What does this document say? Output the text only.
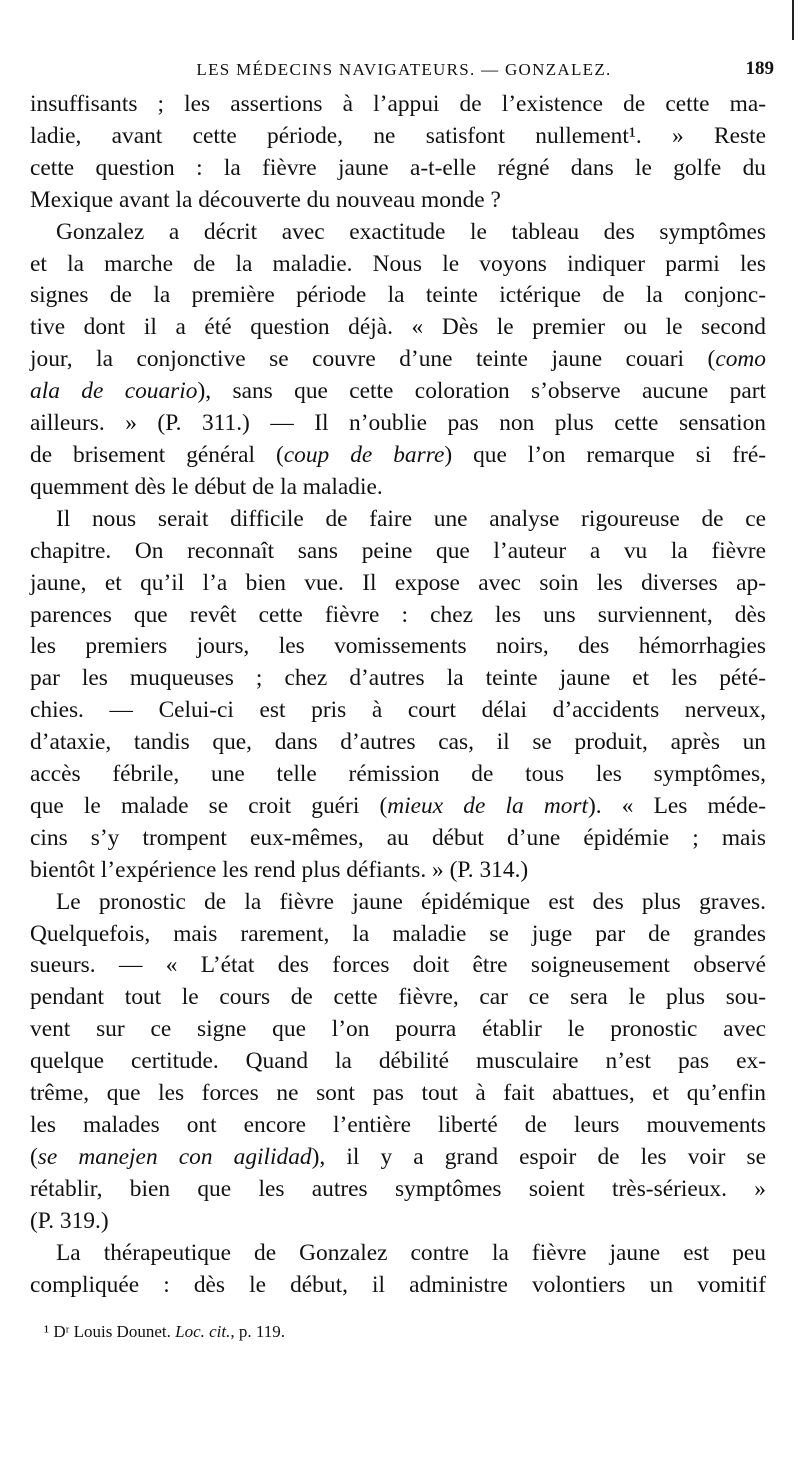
LES MÉDECINS NAVIGATEURS. — GONZALEZ.	189
insuffisants ; les assertions à l’appui de l’existence de cette ma-
ladie, avant cette période, ne satisfont nullement¹. » Reste
cette question : la fièvre jaune a-t-elle régné dans le golfe du
Mexique avant la découverte du nouveau monde ?
Gonzalez a décrit avec exactitude le tableau des symptômes
et la marche de la maladie. Nous le voyons indiquer parmi les
signes de la première période la teinte ictérique de la conjonc-
tive dont il a été question déjà. « Dès le premier ou le second
jour, la conjonctive se couvre d’une teinte jaune couari (como
ala de couario), sans que cette coloration s’observe aucune part
ailleurs. » (P. 311.) — Il n’oublie pas non plus cette sensation
de brisement général (coup de barre) que l’on remarque si fré-
quemment dès le début de la maladie.
Il nous serait difficile de faire une analyse rigoureuse de ce
chapitre. On reconnaît sans peine que l’auteur a vu la fièvre
jaune, et qu’il l’a bien vue. Il expose avec soin les diverses ap-
parences que revêt cette fièvre : chez les uns surviennent, dès
les premiers jours, les vomissements noirs, des hémorrhagies
par les muqueuses ; chez d’autres la teinte jaune et les pété-
chies. — Celui-ci est pris à court délai d’accidents nerveux,
d’ataxie, tandis que, dans d’autres cas, il se produit, après un
accès fébrile, une telle rémission de tous les symptômes,
que le malade se croit guéri (mieux de la mort). « Les méde-
cins s’y trompent eux-mêmes, au début d’une épidémie ; mais
bientôt l’expérience les rend plus défiants. » (P. 314.)
Le pronostic de la fièvre jaune épidémique est des plus graves.
Quelquefois, mais rarement, la maladie se juge par de grandes
sueurs. — « L’état des forces doit être soigneusement observé
pendant tout le cours de cette fièvre, car ce sera le plus sou-
vent sur ce signe que l’on pourra établir le pronostic avec
quelque certitude. Quand la débilité musculaire n’est pas ex-
trême, que les forces ne sont pas tout à fait abattues, et qu’enfin
les malades ont encore l’entière liberté de leurs mouvements
(se manejen con agilidad), il y a grand espoir de les voir se
rétablir, bien que les autres symptômes soient très-sérieux. »
(P. 319.)
La thérapeutique de Gonzalez contre la fièvre jaune est peu
compliquée : dès le début, il administre volontiers un vomitif
¹ Dʳ Louis Dounet. Loc. cit., p. 119.
